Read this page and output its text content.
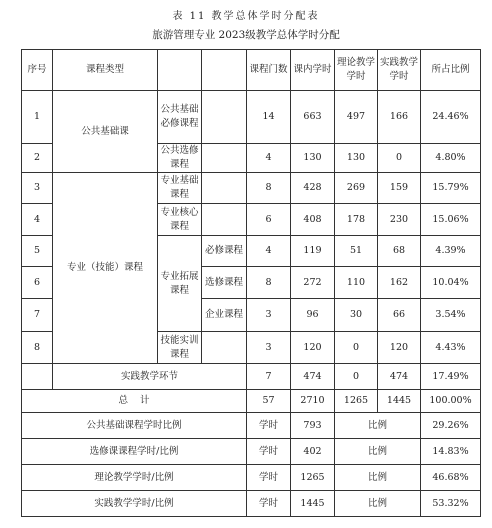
表 11 教学总体学时分配表
旅游管理专业 2023级教学总体学时分配
序号	课程类型			课程门数	课内学时	理论教学学时	实践教学学时	所占比例
1	公共基础课	公共基础必修课程		14	663	497	166	24.46%
2		公共选修课程		4	130	130	0	4.80%
3	专业（技能）课程	专业基础课程		8	428	269	159	15.79%
4		专业核心课程		6	408	178	230	15.06%
5		专业拓展课程	必修课程	4	119	51	68	4.39%
6			选修课程	8	272	110	162	10.04%
7			企业课程	3	96	30	66	3.54%
8		技能实训课程		3	120	0	120	4.43%
	实践教学环节			7	474	0	474	17.49%
总    计				57	2710	1265	1445	100.00%
公共基础课程学时比例				学时	793	比例		29.26%
选修课课程学时/比例				学时	402	比例		14.83%
理论教学学时/比例				学时	1265	比例		46.68%
实践教学学时/比例				学时	1445	比例		53.32%
